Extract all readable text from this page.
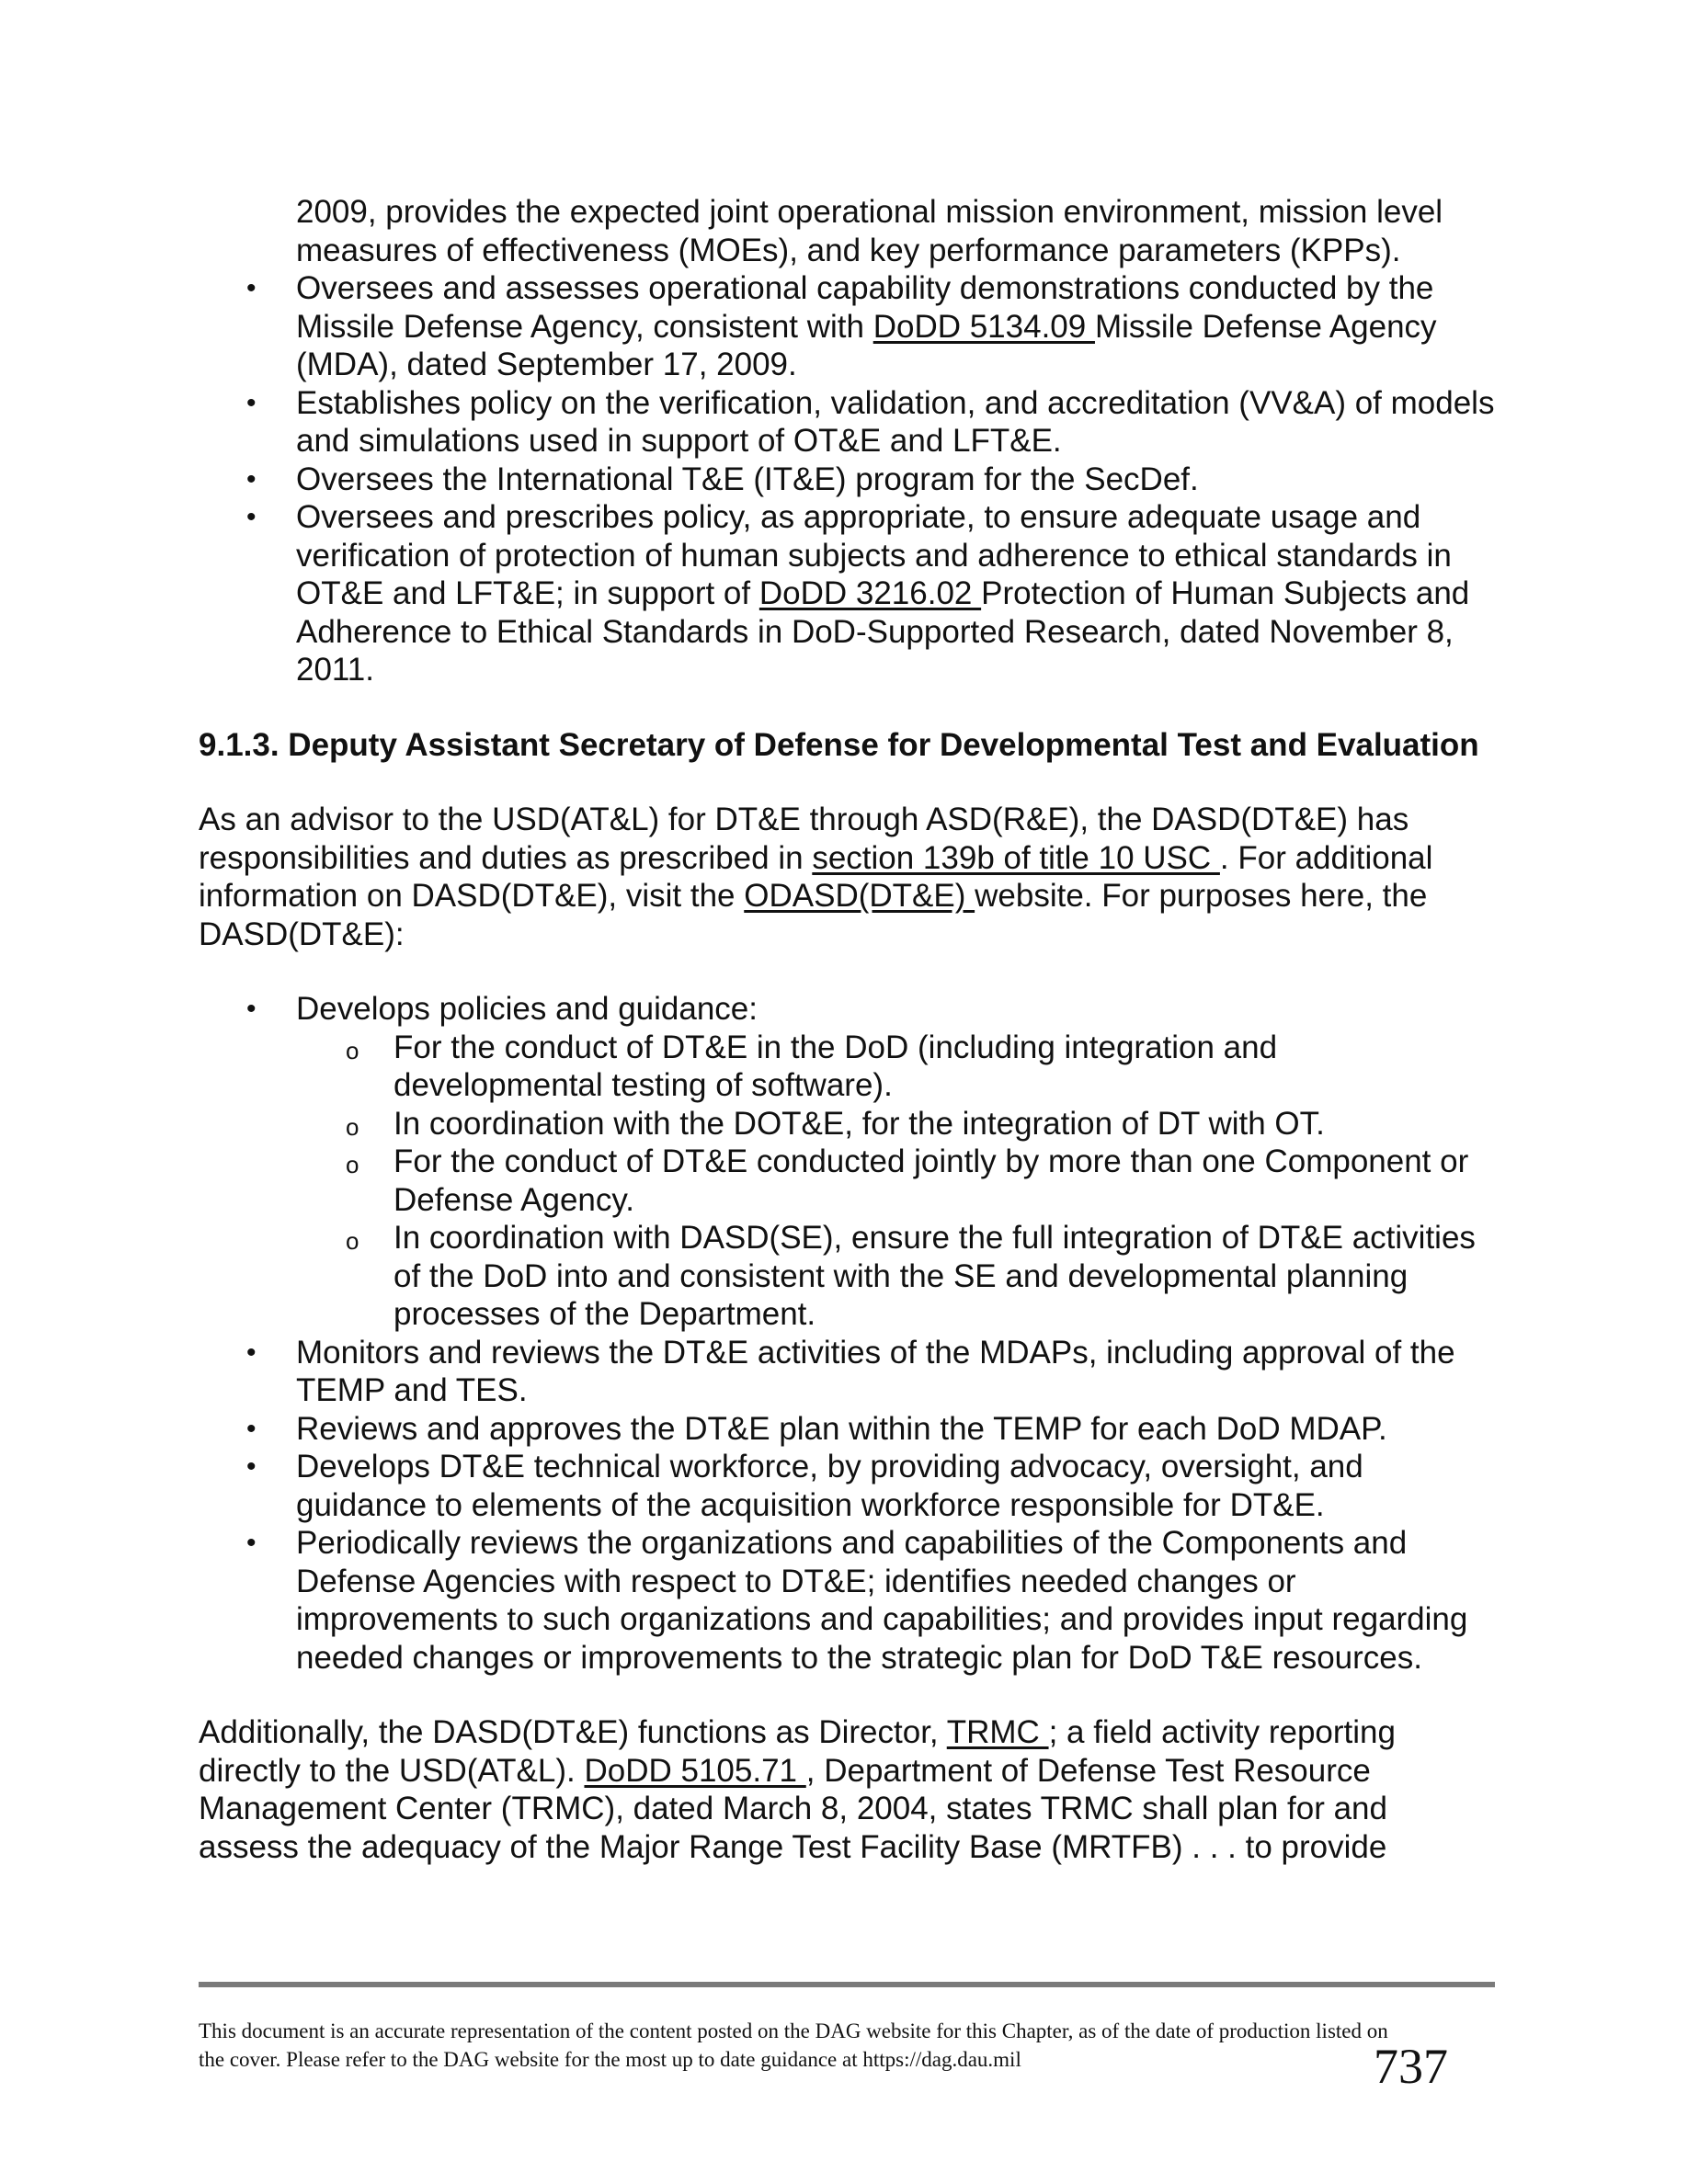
2009, provides the expected joint operational mission environment, mission level measures of effectiveness (MOEs), and key performance parameters (KPPs).

• Oversees and assesses operational capability demonstrations conducted by the Missile Defense Agency, consistent with DoDD 5134.09 Missile Defense Agency (MDA), dated September 17, 2009.
• Establishes policy on the verification, validation, and accreditation (VV&A) of models and simulations used in support of OT&E and LFT&E.
• Oversees the International T&E (IT&E) program for the SecDef.
• Oversees and prescribes policy, as appropriate, to ensure adequate usage and verification of protection of human subjects and adherence to ethical standards in OT&E and LFT&E; in support of DoDD 3216.02 Protection of Human Subjects and Adherence to Ethical Standards in DoD-Supported Research, dated November 8, 2011.

9.1.3. Deputy Assistant Secretary of Defense for Developmental Test and Evaluation

As an advisor to the USD(AT&L) for DT&E through ASD(R&E), the DASD(DT&E) has responsibilities and duties as prescribed in section 139b of title 10 USC . For additional information on DASD(DT&E), visit the ODASD(DT&E) website. For purposes here, the DASD(DT&E):

• Develops policies and guidance:
o For the conduct of DT&E in the DoD (including integration and developmental testing of software).
o In coordination with the DOT&E, for the integration of DT with OT.
o For the conduct of DT&E conducted jointly by more than one Component or Defense Agency.
o In coordination with DASD(SE), ensure the full integration of DT&E activities of the DoD into and consistent with the SE and developmental planning processes of the Department.
• Monitors and reviews the DT&E activities of the MDAPs, including approval of the TEMP and TES.
• Reviews and approves the DT&E plan within the TEMP for each DoD MDAP.
• Develops DT&E technical workforce, by providing advocacy, oversight, and guidance to elements of the acquisition workforce responsible for DT&E.
• Periodically reviews the organizations and capabilities of the Components and Defense Agencies with respect to DT&E; identifies needed changes or improvements to such organizations and capabilities; and provides input regarding needed changes or improvements to the strategic plan for DoD T&E resources.

Additionally, the DASD(DT&E) functions as Director, TRMC ; a field activity reporting directly to the USD(AT&L). DoDD 5105.71 , Department of Defense Test Resource Management Center (TRMC), dated March 8, 2004, states TRMC shall plan for and assess the adequacy of the Major Range Test Facility Base (MRTFB) . . . to provide

This document is an accurate representation of the content posted on the DAG website for this Chapter, as of the date of production listed on the cover. Please refer to the DAG website for the most up to date guidance at https://dag.dau.mil	737
